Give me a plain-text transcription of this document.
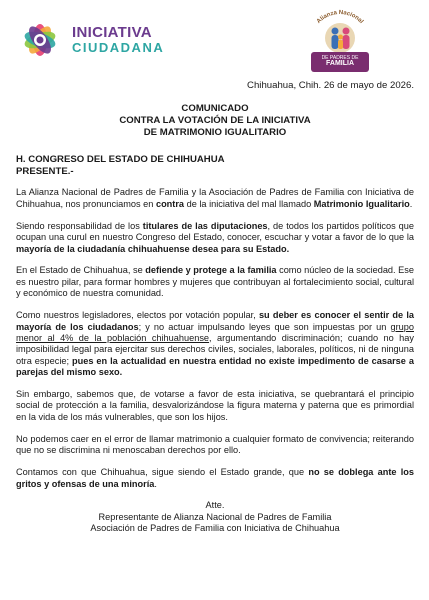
INICIATIVA
CIUDADANA
Alianza Nacional
DE PADRES DE
FAMILIA
Chihuahua, Chih. 26 de mayo de 2026.
COMUNICADO
CONTRA LA VOTACIÓN DE LA INICIATIVA
DE MATRIMONIO IGUALITARIO
H. CONGRESO DEL ESTADO DE CHIHUAHUA
PRESENTE.-

La Alianza Nacional de Padres de Familia y la Asociación de Padres de Familia con Iniciativa de Chihuahua, nos pronunciamos en contra de la iniciativa del mal llamado Matrimonio Igualitario.

Siendo responsabilidad de los titulares de las diputaciones, de todos los partidos políticos que ocupan una curul en nuestro Congreso del Estado, conocer, escuchar y votar a favor de lo que la mayoría de la ciudadanía chihuahuense desea para su Estado.

En el Estado de Chihuahua, se defiende y protege a la familia como núcleo de la sociedad. Ese es nuestro pilar, para formar hombres y mujeres que contribuyan al fortalecimiento social, cultural y económico de nuestra comunidad.

Como nuestros legisladores, electos por votación popular, su deber es conocer el sentir de la mayoría de los ciudadanos; y no actuar impulsando leyes que son impuestas por un grupo menor al 4% de la población chihuahuense, argumentando discriminación; cuando no hay imposibilidad legal para ejercitar sus derechos civiles, sociales, laborales, políticos, ni de ninguna otra especie; pues en la actualidad en nuestra entidad no existe impedimento de casarse a parejas del mismo sexo.

Sin embargo, sabemos que, de votarse a favor de esta iniciativa, se quebrantará el principio social de protección a la familia, desvalorizándose la figura materna y paterna que es primordial en la vida de los más vulnerables, que son los hijos.

No podemos caer en el error de llamar matrimonio a cualquier formato de convivencia; reiterando que no se discrimina ni menoscaban derechos por ello.

Contamos con que Chihuahua, sigue siendo el Estado grande, que no se doblega ante los gritos y ofensas de una minoría.

Atte.
Representante de Alianza Nacional de Padres de Familia
Asociación de Padres de Familia con Iniciativa de Chihuahua
